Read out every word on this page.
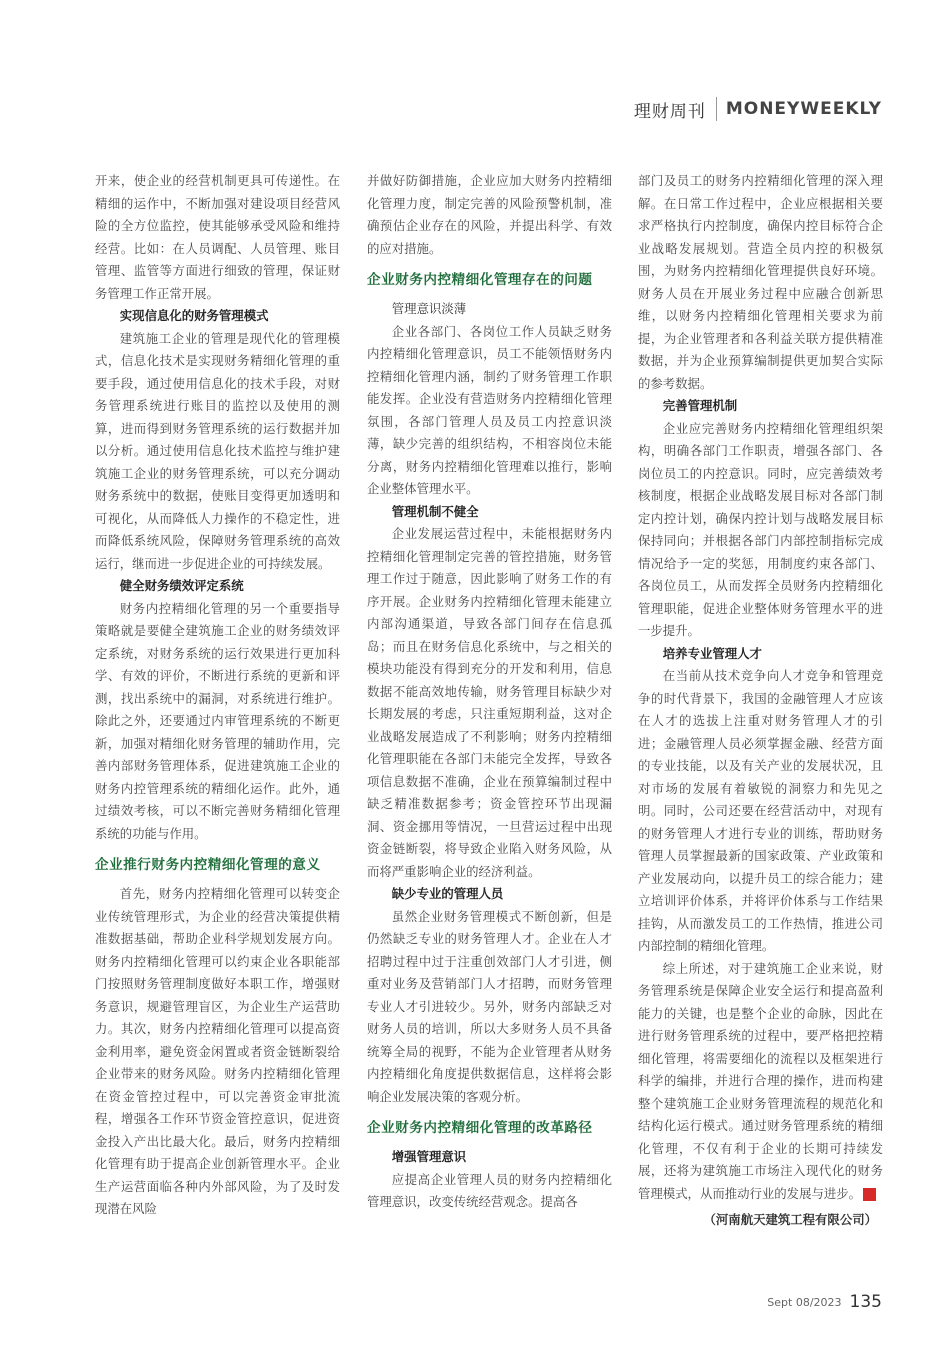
理财周刊 MONEYWEEKLY

开来，使企业的经营机制更具可传递性。在精细的运作中，不断加强对建设项目经营风险的全方位监控，使其能够承受风险和维持经营。比如：在人员调配、人员管理、账目管理、监管等方面进行细致的管理，保证财务管理工作正常开展。

实现信息化的财务管理模式

建筑施工企业的管理是现代化的管理模式，信息化技术是实现财务精细化管理的重要手段，通过使用信息化的技术手段，对财务管理系统进行账目的监控以及使用的测算，进而得到财务管理系统的运行数据并加以分析。通过使用信息化技术监控与维护建筑施工企业的财务管理系统，可以充分调动财务系统中的数据，使账目变得更加透明和可视化，从而降低人力操作的不稳定性，进而降低系统风险，保障财务管理系统的高效运行，继而进一步促进企业的可持续发展。

健全财务绩效评定系统

财务内控精细化管理的另一个重要指导策略就是要健全建筑施工企业的财务绩效评定系统，对财务系统的运行效果进行更加科学、有效的评价，不断进行系统的更新和评测，找出系统中的漏洞，对系统进行维护。除此之外，还要通过内审管理系统的不断更新，加强对精细化财务管理的辅助作用，完善内部财务管理体系，促进建筑施工企业的财务内控管理系统的精细化运作。此外，通过绩效考核，可以不断完善财务精细化管理系统的功能与作用。

企业推行财务内控精细化管理的意义

首先，财务内控精细化管理可以转变企业传统管理形式，为企业的经营决策提供精准数据基础，帮助企业科学规划发展方向。财务内控精细化管理可以约束企业各职能部门按照财务管理制度做好本职工作，增强财务意识，规避管理盲区，为企业生产运营助力。其次，财务内控精细化管理可以提高资金利用率，避免资金闲置或者资金链断裂给企业带来的财务风险。财务内控精细化管理在资金管控过程中，可以完善资金审批流程，增强各工作环节资金管控意识，促进资金投入产出比最大化。最后，财务内控精细化管理有助于提高企业创新管理水平。企业生产运营面临各种内外部风险，为了及时发现潜在风险

并做好防御措施，企业应加大财务内控精细化管理力度，制定完善的风险预警机制，准确预估企业存在的风险，并提出科学、有效的应对措施。

企业财务内控精细化管理存在的问题
管理意识淡薄

企业各部门、各岗位工作人员缺乏财务内控精细化管理意识，员工不能领悟财务内控精细化管理内涵，制约了财务管理工作职能发挥。企业没有营造财务内控精细化管理氛围，各部门管理人员及员工内控意识淡薄，缺少完善的组织结构，不相容岗位未能分离，财务内控精细化管理难以推行，影响企业整体管理水平。

管理机制不健全

企业发展运营过程中，未能根据财务内控精细化管理制定完善的管控措施，财务管理工作过于随意，因此影响了财务工作的有序开展。企业财务内控精细化管理未能建立内部沟通渠道，导致各部门间存在信息孤岛；而且在财务信息化系统中，与之相关的模块功能没有得到充分的开发和利用，信息数据不能高效地传输，财务管理目标缺少对长期发展的考虑，只注重短期利益，这对企业战略发展造成了不利影响；财务内控精细化管理职能在各部门未能完全发挥，导致各项信息数据不准确，企业在预算编制过程中缺乏精准数据参考；资金管控环节出现漏洞、资金挪用等情况，一旦营运过程中出现资金链断裂，将导致企业陷入财务风险，从而将严重影响企业的经济利益。

缺少专业的管理人员

虽然企业财务管理模式不断创新，但是仍然缺乏专业的财务管理人才。企业在人才招聘过程中过于注重创效部门人才引进，侧重对业务及营销部门人才招聘，而财务管理专业人才引进较少。另外，财务内部缺乏对财务人员的培训，所以大多财务人员不具备统筹全局的视野，不能为企业管理者从财务内控精细化角度提供数据信息，这样将会影响企业发展决策的客观分析。

企业财务内控精细化管理的改革路径
增强管理意识

应提高企业管理人员的财务内控精细化管理意识，改变传统经营观念。提高各

部门及员工的财务内控精细化管理的深入理解。在日常工作过程中，企业应根据相关要求严格执行内控制度，确保内控目标符合企业战略发展规划。营造全员内控的积极氛围，为财务内控精细化管理提供良好环境。财务人员在开展业务过程中应融合创新思维，以财务内控精细化管理相关要求为前提，为企业管理者和各利益关联方提供精准数据，并为企业预算编制提供更加契合实际的参考数据。

完善管理机制

企业应完善财务内控精细化管理组织架构，明确各部门工作职责，增强各部门、各岗位员工的内控意识。同时，应完善绩效考核制度，根据企业战略发展目标对各部门制定内控计划，确保内控计划与战略发展目标保持同向；并根据各部门内部控制指标完成情况给予一定的奖惩，用制度约束各部门、各岗位员工，从而发挥全员财务内控精细化管理职能，促进企业整体财务管理水平的进一步提升。

培养专业管理人才

在当前从技术竞争向人才竞争和管理竞争的时代背景下，我国的金融管理人才应该在人才的选拔上注重对财务管理人才的引进；金融管理人员必须掌握金融、经营方面的专业技能，以及有关产业的发展状况，且对市场的发展有着敏锐的洞察力和先见之明。同时，公司还要在经营活动中，对现有的财务管理人才进行专业的训练，帮助财务管理人员掌握最新的国家政策、产业政策和产业发展动向，以提升员工的综合能力；建立培训评价体系，并将评价体系与工作结果挂钩，从而激发员工的工作热情，推进公司内部控制的精细化管理。

综上所述，对于建筑施工企业来说，财务管理系统是保障企业安全运行和提高盈利能力的关键，也是整个企业的命脉，因此在进行财务管理系统的过程中，要严格把控精细化管理，将需要细化的流程以及框架进行科学的编排，并进行合理的操作，进而构建整个建筑施工企业财务管理流程的规范化和结构化运行模式。通过财务管理系统的精细化管理，不仅有利于企业的长期可持续发展，还将为建筑施工市场注入现代化的财务管理模式，从而推动行业的发展与进步。 L

（河南航天建筑工程有限公司）
Sept 08/2023 135
